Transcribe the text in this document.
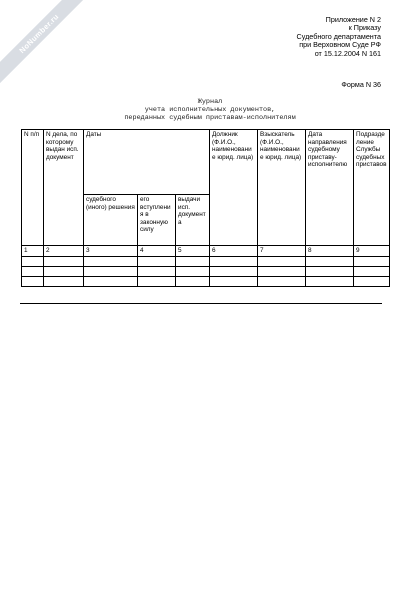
NoNumber.ru	Приложение N 2
к Приказу
Судебного департамента
при Верховном Суде РФ
от 15.12.2004 N 161
Форма N 36
Журнал
учета исполнительных документов,
переданных судебным приставам-исполнителям
N п/п	N дела, по которому выдан исп. документ	Даты			Должник (Ф.И.О., наименование юрид. лица)	Взыскатель (Ф.И.О., наименование юрид. лица)	Дата направления судебному приставу-исполнителю	Подразделение Службы судебных приставов
		судебного (иного) решения	его вступления в законную силу	выдачи исп. документа				
1	2	3	4	5	6	7	8	9
